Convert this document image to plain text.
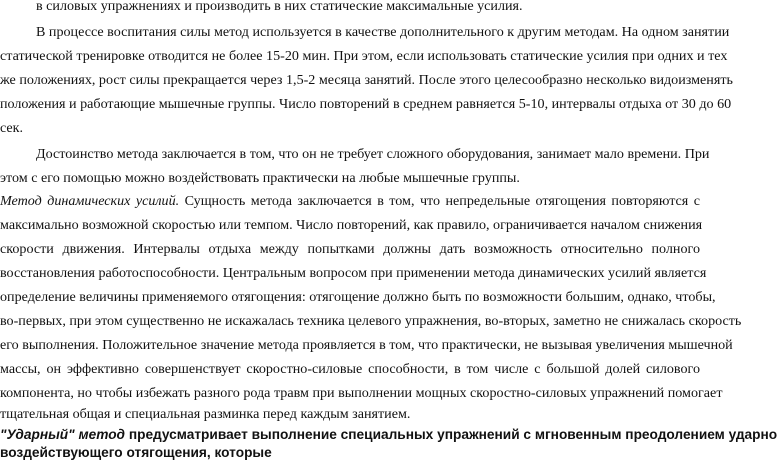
в силовых упражнениях и производить в них статические максимальные усилия.

В процессе воспитания силы метод используется в качестве дополнительного к другим методам. На одном занятии

статической тренировке отводится не более 15-20 мин. При этом, если использовать статические усилия при одних и тех

же положениях, рост силы прекращается через 1,5-2 месяца занятий. После этого целесообразно несколько видоизменять

положения и работающие мышечные группы. Число повторений в среднем равняется 5-10, интервалы отдыха от 30 до 60

сек.

Достоинство метода заключается в том, что он не требует сложного оборудования, занимает мало времени. При

этом с его помощью можно воздействовать практически на любые мышечные группы.

Метод динамических усилий. Сущность метода заключается в том, что непредельные отягощения повторяются с

максимально возможной скоростью или темпом. Число повторений, как правило, ограничивается началом снижения

скорости движения. Интервалы отдыха между попытками должны дать возможность относительно полного

восстановления работоспособности. Центральным вопросом при применении метода динамических усилий является

определение величины применяемого отягощения: отягощение должно быть по возможности большим, однако, чтобы,

во-первых, при этом существенно не искажалась техника целевого упражнения, во-вторых, заметно не снижалась скорость

его выполнения. Положительное значение метода проявляется в том, что практически, не вызывая увеличения мышечной

массы, он эффективно совершенствует скоростно-силовые способности, в том числе с большой долей силового

компонента, но чтобы избежать разного рода травм при выполнении мощных скоростно-силовых упражнений помогает

тщательная общая и специальная разминка перед каждым занятием.

"Ударный" метод предусматривает выполнение специальных упражнений с мгновенным преодолением ударно

воздействующего отягощения, которые
